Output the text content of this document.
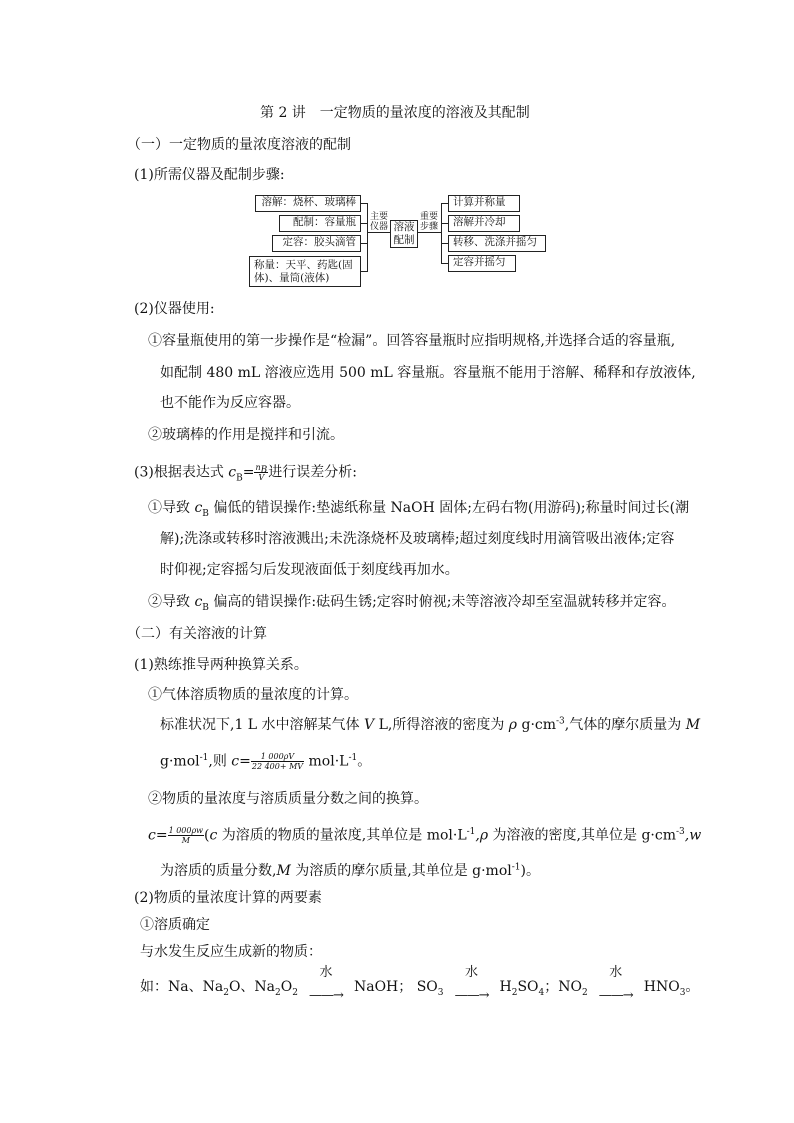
第 2 讲　一定物质的量浓度的溶液及其配制
（一）一定物质的量浓度溶液的配制
(1)所需仪器及配制步骤:
溶解：烧杯、玻璃棒
配制：容量瓶
定容：胶头滴管
称量：天平、药匙(固
体)、量筒(液体)
主要
仪器 溶液
配制
重要
步骤
计算并称量
溶解并冷却
转移、洗涤并摇匀
定容并摇匀
(2)仪器使用:
①容量瓶使用的第一步操作是“检漏”。回答容量瓶时应指明规格,并选择合适的容量瓶,
如配制 480 mL 溶液应选用 500 mL 容量瓶。容量瓶不能用于溶解、稀释和存放液体,
也不能作为反应容器。
②玻璃棒的作用是搅拌和引流。
(3)根据表达式 $c_B= \frac{n_B}{V}$ 进行误差分析:
①导致 $c_B$ 偏低的错误操作:垫滤纸称量 NaOH 固体;左码右物(用游码);称量时间过长(潮
解);洗涤或转移时溶液溅出;未洗涤烧杯及玻璃棒;超过刻度线时用滴管吸出液体;定容
时仰视;定容摇匀后发现液面低于刻度线再加水。
②导致 $c_B$ 偏高的错误操作:砝码生锈;定容时俯视;未等溶液冷却至室温就转移并定容。
（二）有关溶液的计算
(1)熟练推导两种换算关系。
①气体溶质物质的量浓度的计算。
标准状况下,1 L 水中溶解某气体 V L,所得溶液的密度为 ρ $g\cdot cm^{-3}$,气体的摩尔质量为 M
g·mol$^{-1}$,则 $c= \frac{1 000\rho V}{22 400+ MV} mol\cdot L^{-1}$。
②物质的量浓度与溶质质量分数之间的换算。
$c= \frac{1 000\rho w}{M} (c$ 为溶质的物质的量浓度,其单位是 $mol\cdot L^{-1},\rho$ 为溶液的密度,其单位是 $g\cdot cm^{-3},w$
为溶质的质量分数,M 为溶质的摩尔质量,其单位是 g·mol$^{-1}$)。
(2)物质的量浓度计算的两要素
①溶质确定
与水发生反应生成新的物质：
如：Na、$Na_2O$、$Na_2O_2$
水
——→
NaOH； $SO_3$
水
——→
$H_2SO_4$；$NO_2$
水
——→
$HNO_3$。
